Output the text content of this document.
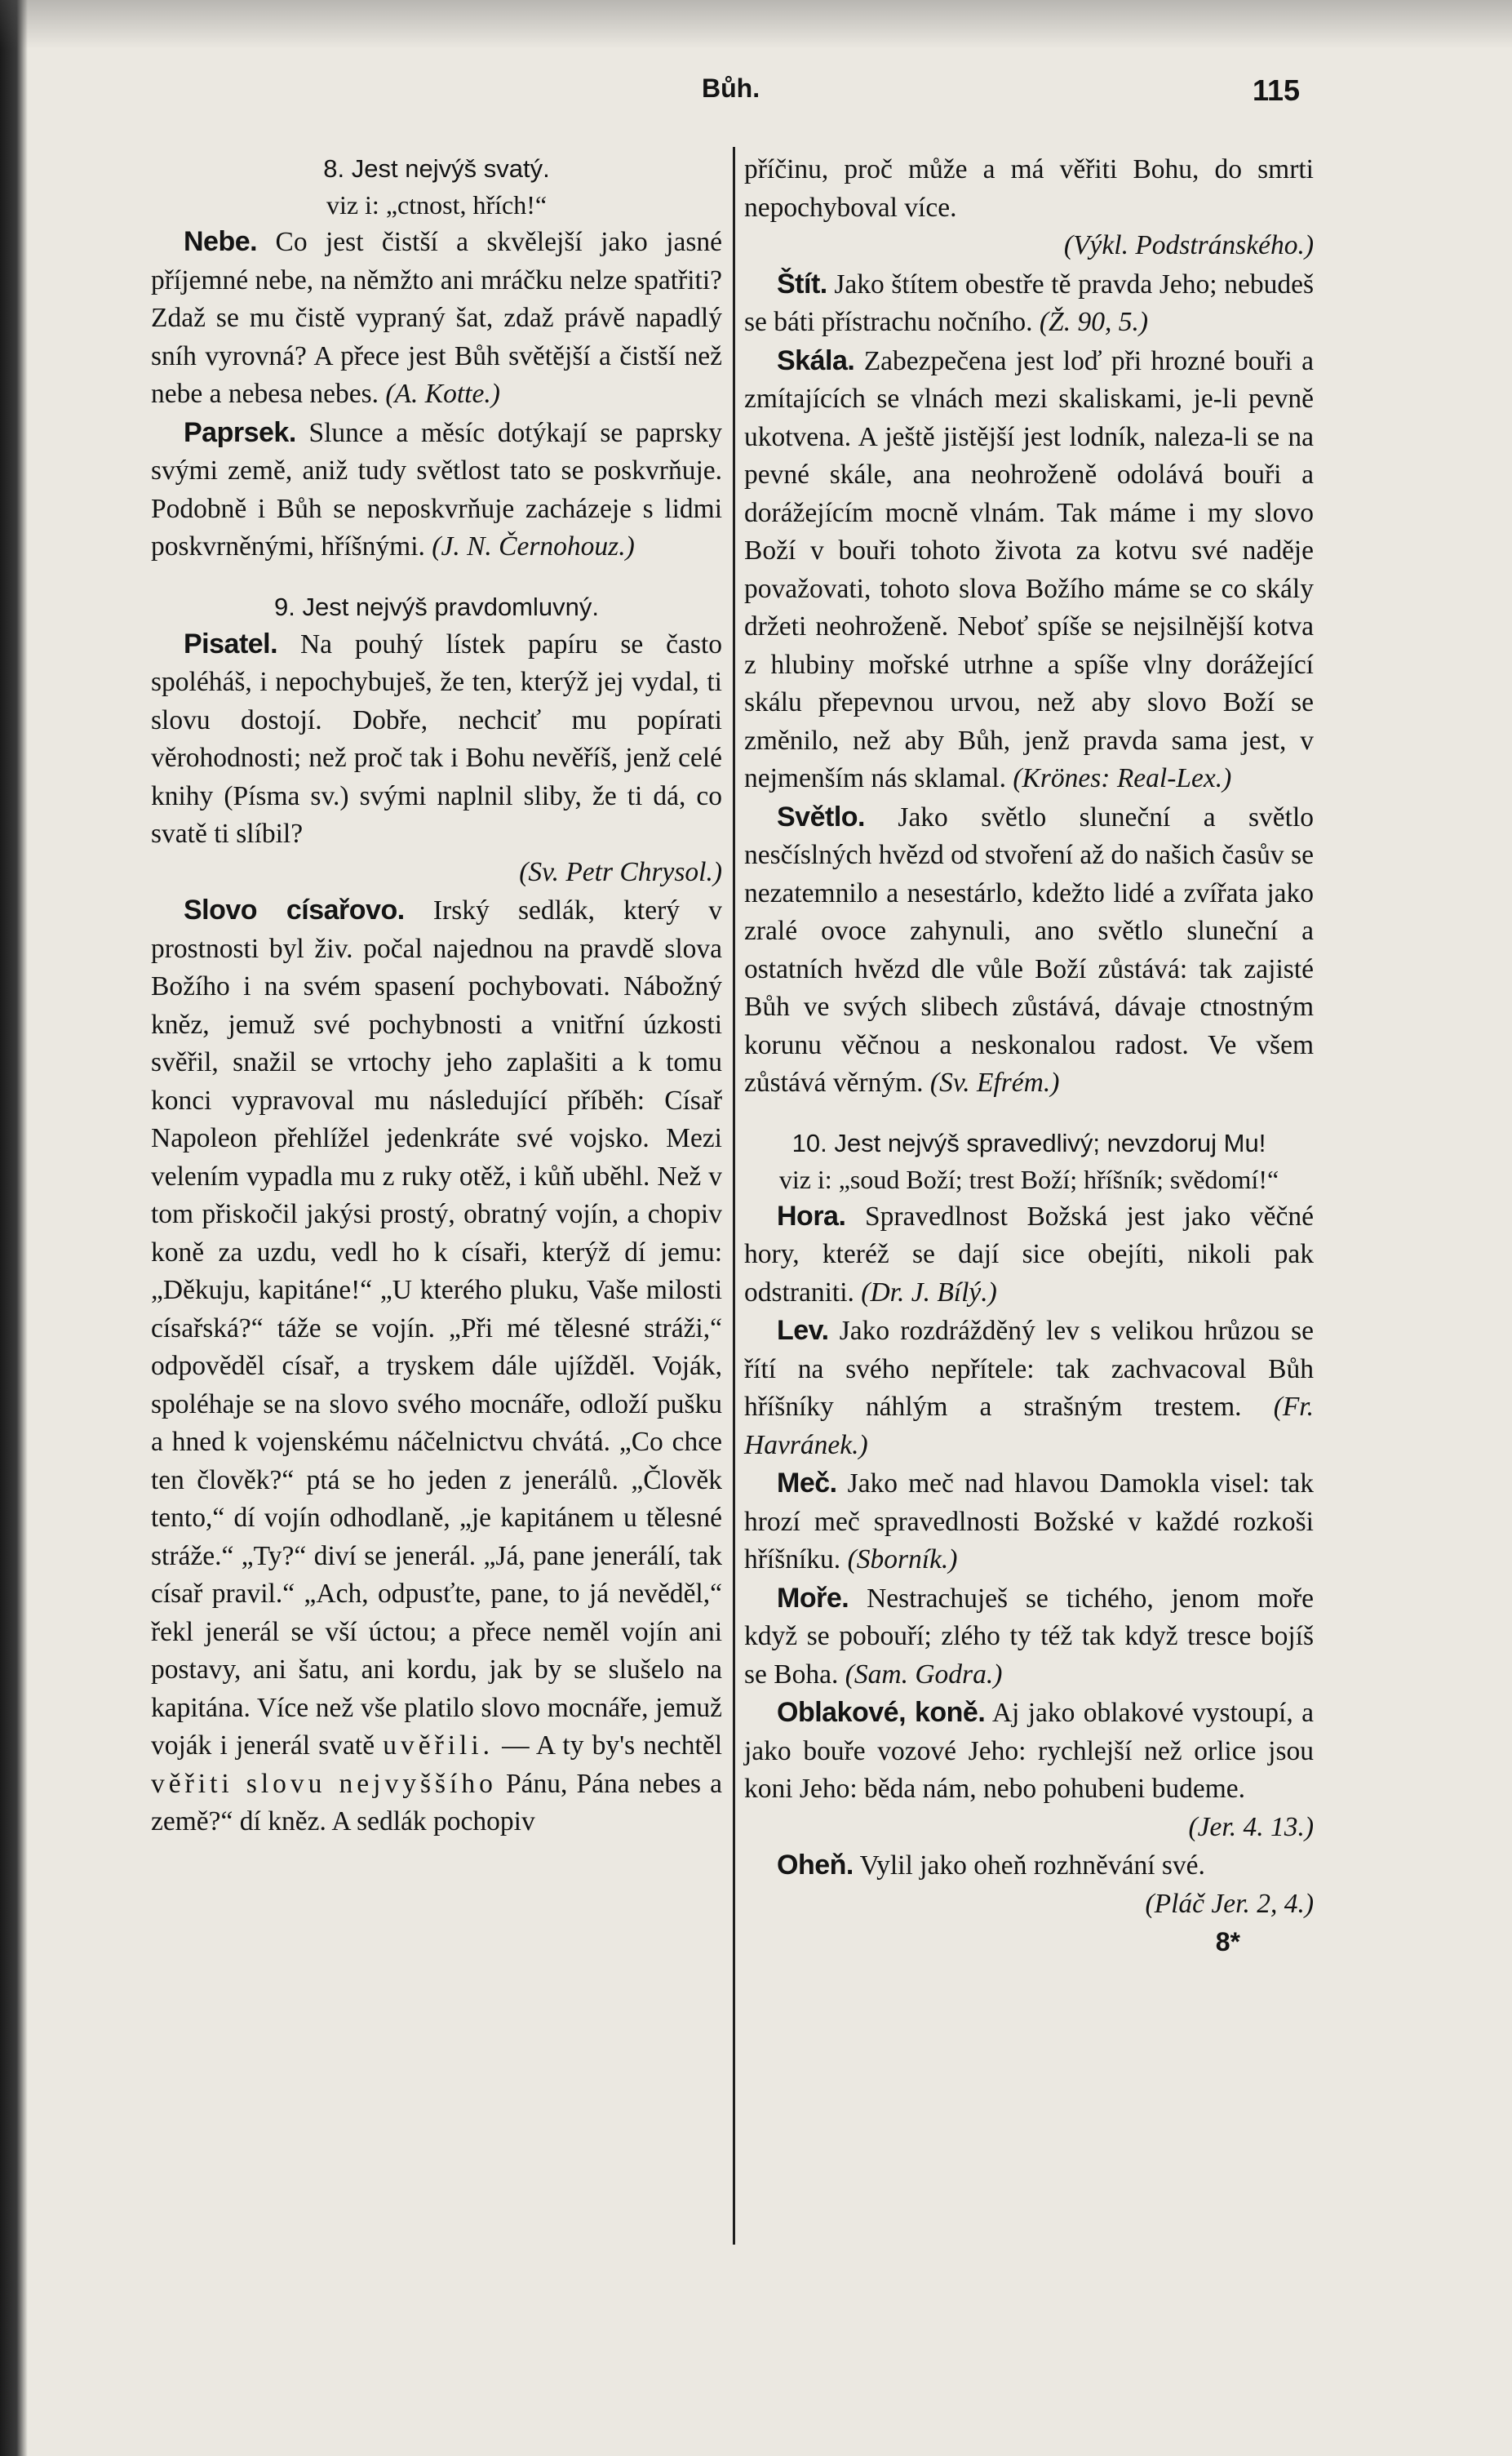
Bůh.	115

8. Jest nejvýš svatý.

viz i: „ctnost, hřích!“

Nebe. Co jest čistší a skvělejší jako jasné příjemné nebe, na němžto ani mráčku nelze spatřiti? Zdaž se mu čistě vypraný šat, zdaž právě napadlý sníh vyrovná? A přece jest Bůh světější a čistší než nebe a nebesa nebes. (A. Kotte.)

Paprsek. Slunce a měsíc dotýkají se paprsky svými země, aniž tudy světlost tato se poskvrňuje. Podobně i Bůh se neposkvrňuje zacházeje s lidmi poskvrněnými, hříšnými. (J. N. Černohouz.)

9. Jest nejvýš pravdomluvný.

Pisatel. Na pouhý lístek papíru se často spoléháš, i nepochybuješ, že ten, kterýž jej vydal, ti slovu dostojí. Dobře, nechciť mu popírati věrohodnosti; než proč tak i Bohu nevěříš, jenž celé knihy (Písma sv.) svými naplnil sliby, že ti dá, co svatě ti slíbil?

(Sv. Petr Chrysol.)

Slovo císařovo. Irský sedlák, který v prostnosti byl živ. počal najednou na pravdě slova Božího i na svém spasení pochybovati. Nábožný kněz, jemuž své pochybnosti a vnitřní úzkosti svěřil, snažil se vrtochy jeho zaplašiti a k tomu konci vypravoval mu následující příběh: Císař Napoleon přehlížel jedenkráte své vojsko. Mezi velením vypadla mu z ruky otěž, i kůň uběhl. Než v tom přiskočil jakýsi prostý, obratný vojín, a chopiv koně za uzdu, vedl ho k císaři, kterýž dí jemu: „Děkuju, kapitáne!“ „U kterého pluku, Vaše milosti císařská?“ táže se vojín. „Při mé tělesné stráži,“ odpověděl císař, a tryskem dále ujížděl. Voják, spoléhaje se na slovo svého mocnáře, odloží pušku a hned k vojenskému náčelnictvu chvátá. „Co chce ten člověk?“ ptá se ho jeden z jenerálů. „Člověk tento,“ dí vojín odhodlaně, „je kapitánem u tělesné stráže.“ „Ty?“ diví se jenerál. „Já, pane jenerálí, tak císař pravil.“ „Ach, odpusťte, pane, to já nevěděl,“ řekl jenerál se vší úctou; a přece neměl vojín ani postavy, ani šatu, ani kordu, jak by se slušelo na kapitána. Více než vše platilo slovo mocnáře, jemuž voják i jenerál svatě uvěřili. — A ty by's nechtěl věřiti slovu nejvyššího Pánu, Pána nebes a země?“ dí kněz. A sedlák pochopiv

příčinu, proč může a má věřiti Bohu, do smrti nepochyboval více.

(Výkl. Podstránského.)

Štít. Jako štítem obestře tě pravda Jeho; nebudeš se báti přístrachu nočního. (Ž. 90, 5.)

Skála. Zabezpečena jest loď při hrozné bouři a zmítajících se vlnách mezi skaliskami, je-li pevně ukotvena. A ještě jistější jest lodník, naleza-li se na pevné skále, ana neohroženě odolává bouři a dorážejícím mocně vlnám. Tak máme i my slovo Boží v bouři tohoto života za kotvu své naděje považovati, tohoto slova Božího máme se co skály držeti neohroženě. Neboť spíše se nejsilnější kotva z hlubiny mořské utrhne a spíše vlny dorážející skálu přepevnou urvou, než aby slovo Boží se změnilo, než aby Bůh, jenž pravda sama jest, v nejmenším nás sklamal. (Krönes: Real-Lex.)

Světlo. Jako světlo sluneční a světlo nesčíslných hvězd od stvoření až do našich časův se nezatemnilo a nesestárlo, kdežto lidé a zvířata jako zralé ovoce zahynuli, ano světlo sluneční a ostatních hvězd dle vůle Boží zůstává: tak zajisté Bůh ve svých slibech zůstává, dávaje ctnostným korunu věčnou a neskonalou radost. Ve všem zůstává věrným. (Sv. Efrém.)

10. Jest nejvýš spravedlivý; nevzdoruj Mu!

viz i: „soud Boží; trest Boží; hříšník; svědomí!“

Hora. Spravedlnost Božská jest jako věčné hory, kteréž se dají sice obejíti, nikoli pak odstraniti. (Dr. J. Bílý.)

Lev. Jako rozdrážděný lev s velikou hrůzou se řítí na svého nepřítele: tak zachvacoval Bůh hříšníky náhlým a strašným trestem. (Fr. Havránek.)

Meč. Jako meč nad hlavou Damokla visel: tak hrozí meč spravedlnosti Božské v každé rozkoši hříšníku. (Sborník.)

Moře. Nestrachuješ se tichého, jenom moře když se pobouří; zlého ty též tak když tresce bojíš se Boha. (Sam. Godra.)

Oblakové, koně. Aj jako oblakové vystoupí, a jako bouře vozové Jeho: rychlejší než orlice jsou koni Jeho: běda nám, nebo pohubeni budeme.

(Jer. 4. 13.)

Oheň. Vylil jako oheň rozhněvání své.

(Pláč Jer. 2, 4.)

8*
